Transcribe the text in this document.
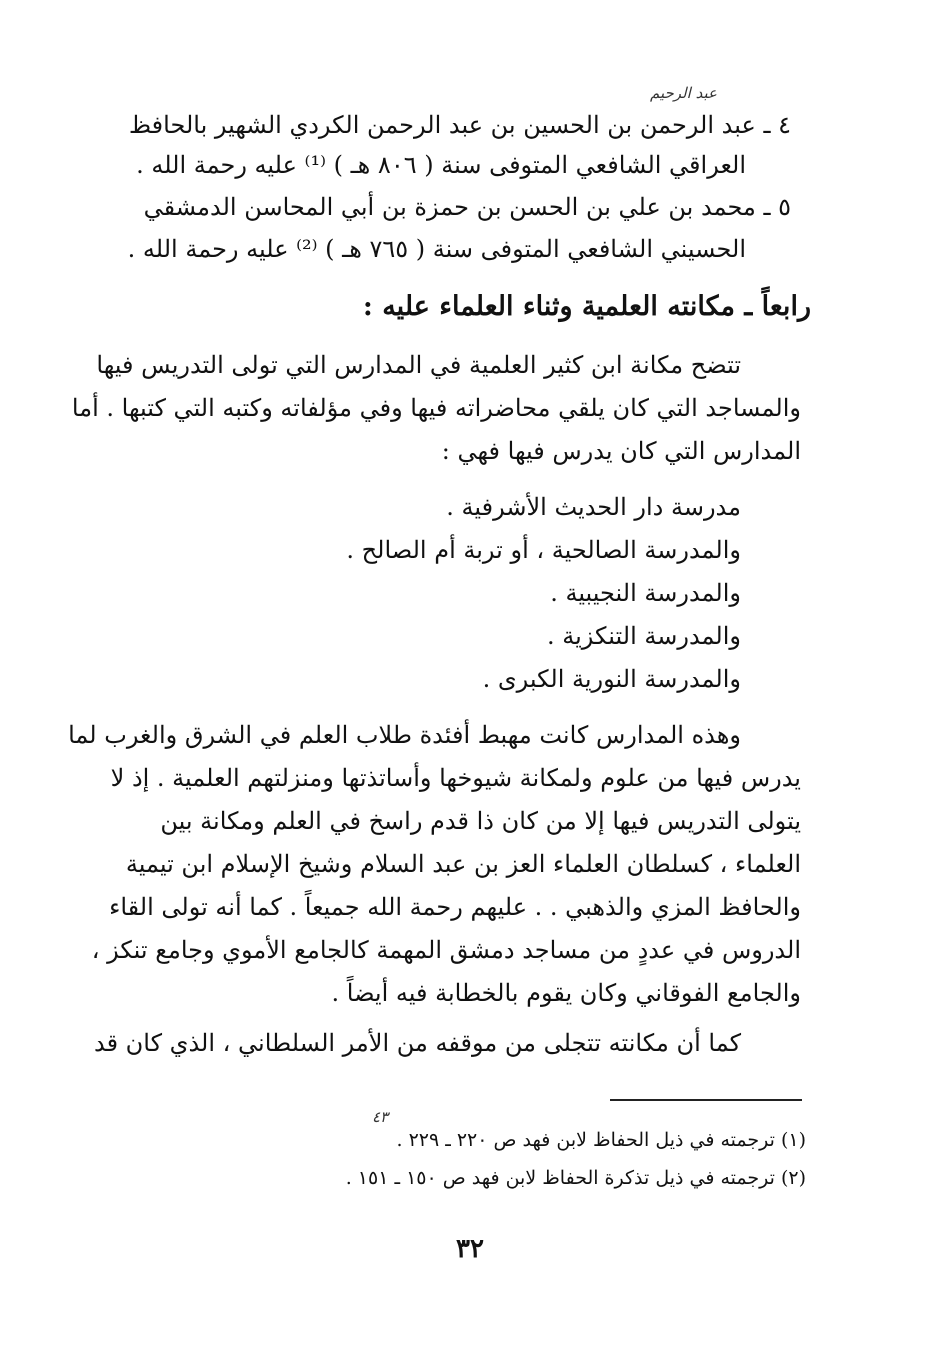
عبد الرحيم
٤ ـ عبد الرحمن بن الحسين بن عبد الرحمن الكردي الشهير بالحافظ
العراقي الشافعي المتوفى سنة ( ٨٠٦ هـ ) ⁽¹⁾ عليه رحمة الله .
٥ ـ محمد بن علي بن الحسن بن حمزة بن أبي المحاسن الدمشقي
الحسيني الشافعي المتوفى سنة ( ٧٦٥ هـ ) ⁽²⁾ عليه رحمة الله .
رابعاً ـ مكانته العلمية وثناء العلماء عليه :
تتضح مكانة ابن كثير العلمية في المدارس التي تولى التدريس فيها
والمساجد التي كان يلقي محاضراته فيها وفي مؤلفاته وكتبه التي كتبها . أما
المدارس التي كان يدرس فيها فهي :
مدرسة دار الحديث الأشرفية .
والمدرسة الصالحية ، أو تربة أم الصالح .
والمدرسة النجيبية .
والمدرسة التنكزية .
والمدرسة النورية الكبرى .
وهذه المدارس كانت مهبط أفئدة طلاب العلم في الشرق والغرب لما
يدرس فيها من علوم ولمكانة شيوخها وأساتذتها ومنزلتهم العلمية . إذ لا
يتولى التدريس فيها إلا من كان ذا قدم راسخ في العلم ومكانة بين
العلماء ، كسلطان العلماء العز بن عبد السلام وشيخ الإسلام ابن تيمية
والحافظ المزي والذهبي . . عليهم رحمة الله جميعاً . كما أنه تولى القاء
الدروس في عددٍ من مساجد دمشق المهمة كالجامع الأموي وجامع تنكز ،
والجامع الفوقاني وكان يقوم بالخطابة فيه أيضاً .
كما أن مكانته تتجلى من موقفه من الأمر السلطاني ، الذي كان قد
٤٣
(١) ترجمته في ذيل الحفاظ لابن فهد ص ٢٢٠ ـ ٢٢٩ .
(٢) ترجمته في ذيل تذكرة الحفاظ لابن فهد ص ١٥٠ ـ ١٥١ .
٣٢
